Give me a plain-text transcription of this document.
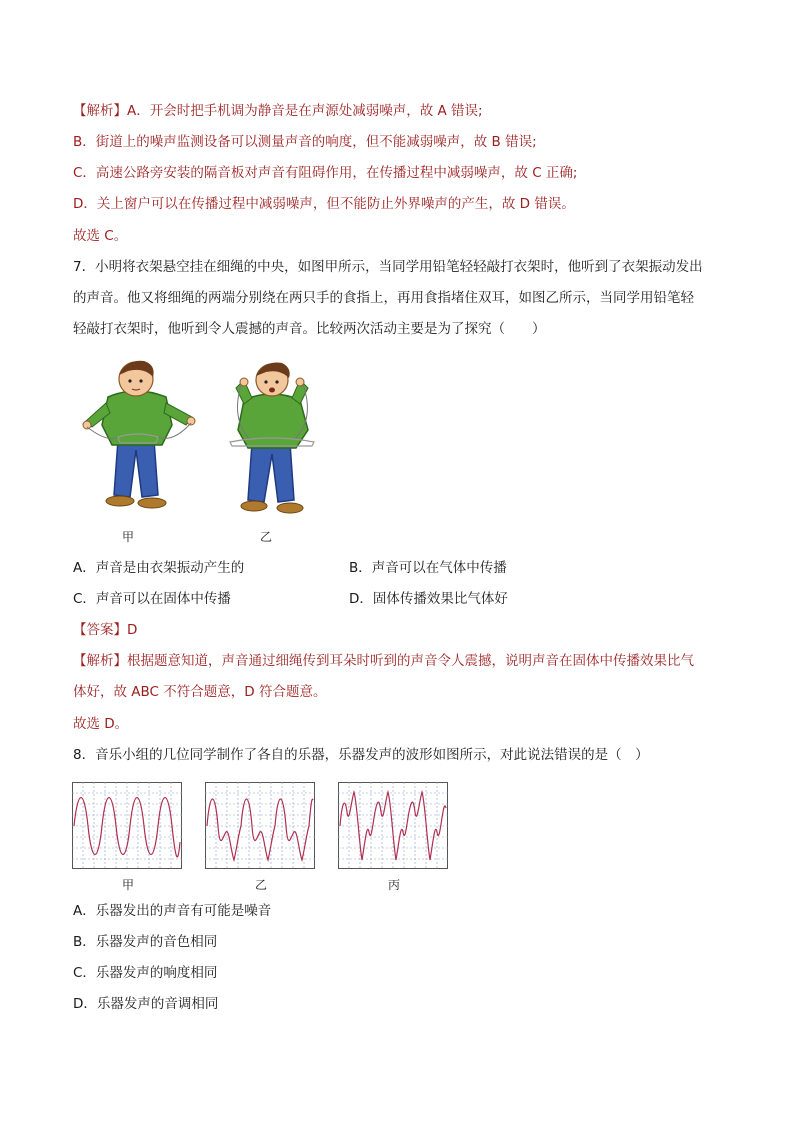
【解析】A．开会时把手机调为静音是在声源处减弱噪声，故 A 错误;
B．街道上的噪声监测设备可以测量声音的响度，但不能减弱噪声，故 B 错误;
C．高速公路旁安装的隔音板对声音有阻碍作用，在传播过程中减弱噪声，故 C 正确;
D．关上窗户可以在传播过程中减弱噪声，但不能防止外界噪声的产生，故 D 错误。
故选 C。
7．小明将衣架悬空挂在细绳的中央，如图甲所示，当同学用铅笔轻轻敲打衣架时，他听到了衣架振动发出
的声音。他又将细绳的两端分别绕在两只手的食指上，再用食指堵住双耳，如图乙所示，当同学用铅笔轻
轻敲打衣架时，他听到令人震撼的声音。比较两次活动主要是为了探究（　　）
甲	乙
A．声音是由衣架振动产生的	B．声音可以在气体中传播
C．声音可以在固体中传播	D．固体传播效果比气体好
【答案】D
【解析】根据题意知道，声音通过细绳传到耳朵时听到的声音令人震撼，说明声音在固体中传播效果比气
体好，故 ABC 不符合题意，D 符合题意。
故选 D。
8．音乐小组的几位同学制作了各自的乐器，乐器发声的波形如图所示，对此说法错误的是（　）
甲	乙	丙
A．乐器发出的声音有可能是噪音
B．乐器发声的音色相同
C．乐器发声的响度相同
D．乐器发声的音调相同
